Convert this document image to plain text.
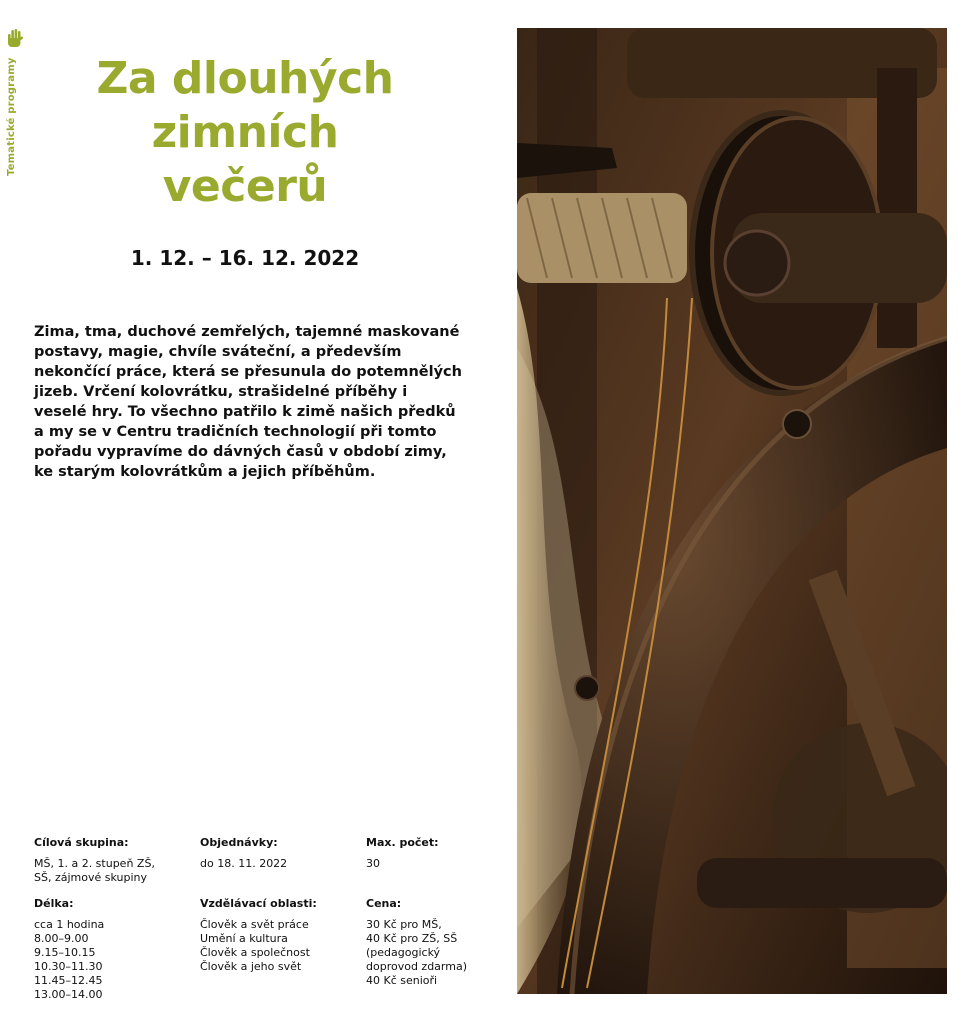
Tematické programy	Za dlouhých
zimních
večerů
1. 12. – 16. 12. 2022

Zima, tma, duchové zemřelých, tajemné maskované postavy, magie, chvíle sváteční, a především nekončící práce, která se přesunula do potemnělých jizeb. Vrčení kolovrátku, strašidelné příběhy i veselé hry. To všechno patřilo k zimě našich předků a my se v Centru tradičních technologií při tomto pořadu vypravíme do dávných časů v období zimy, ke starým kolovrátkům a jejich příběhům.

Cílová skupina:

MŠ, 1. a 2. stupeň ZŠ,
SŠ, zájmové skupiny

Délka:

cca 1 hodina
8.00–9.00
9.15–10.15
10.30–11.30
11.45–12.45
13.00–14.00

Objednávky:

do 18. 11. 2022

Vzdělávací oblasti:

Člověk a svět práce
Umění a kultura
Člověk a společnost
Člověk a jeho svět

Max. počet:

30

Cena:

30 Kč pro MŠ,
40 Kč pro ZŠ, SŠ
(pedagogický
doprovod zdarma)
40 Kč senioři
